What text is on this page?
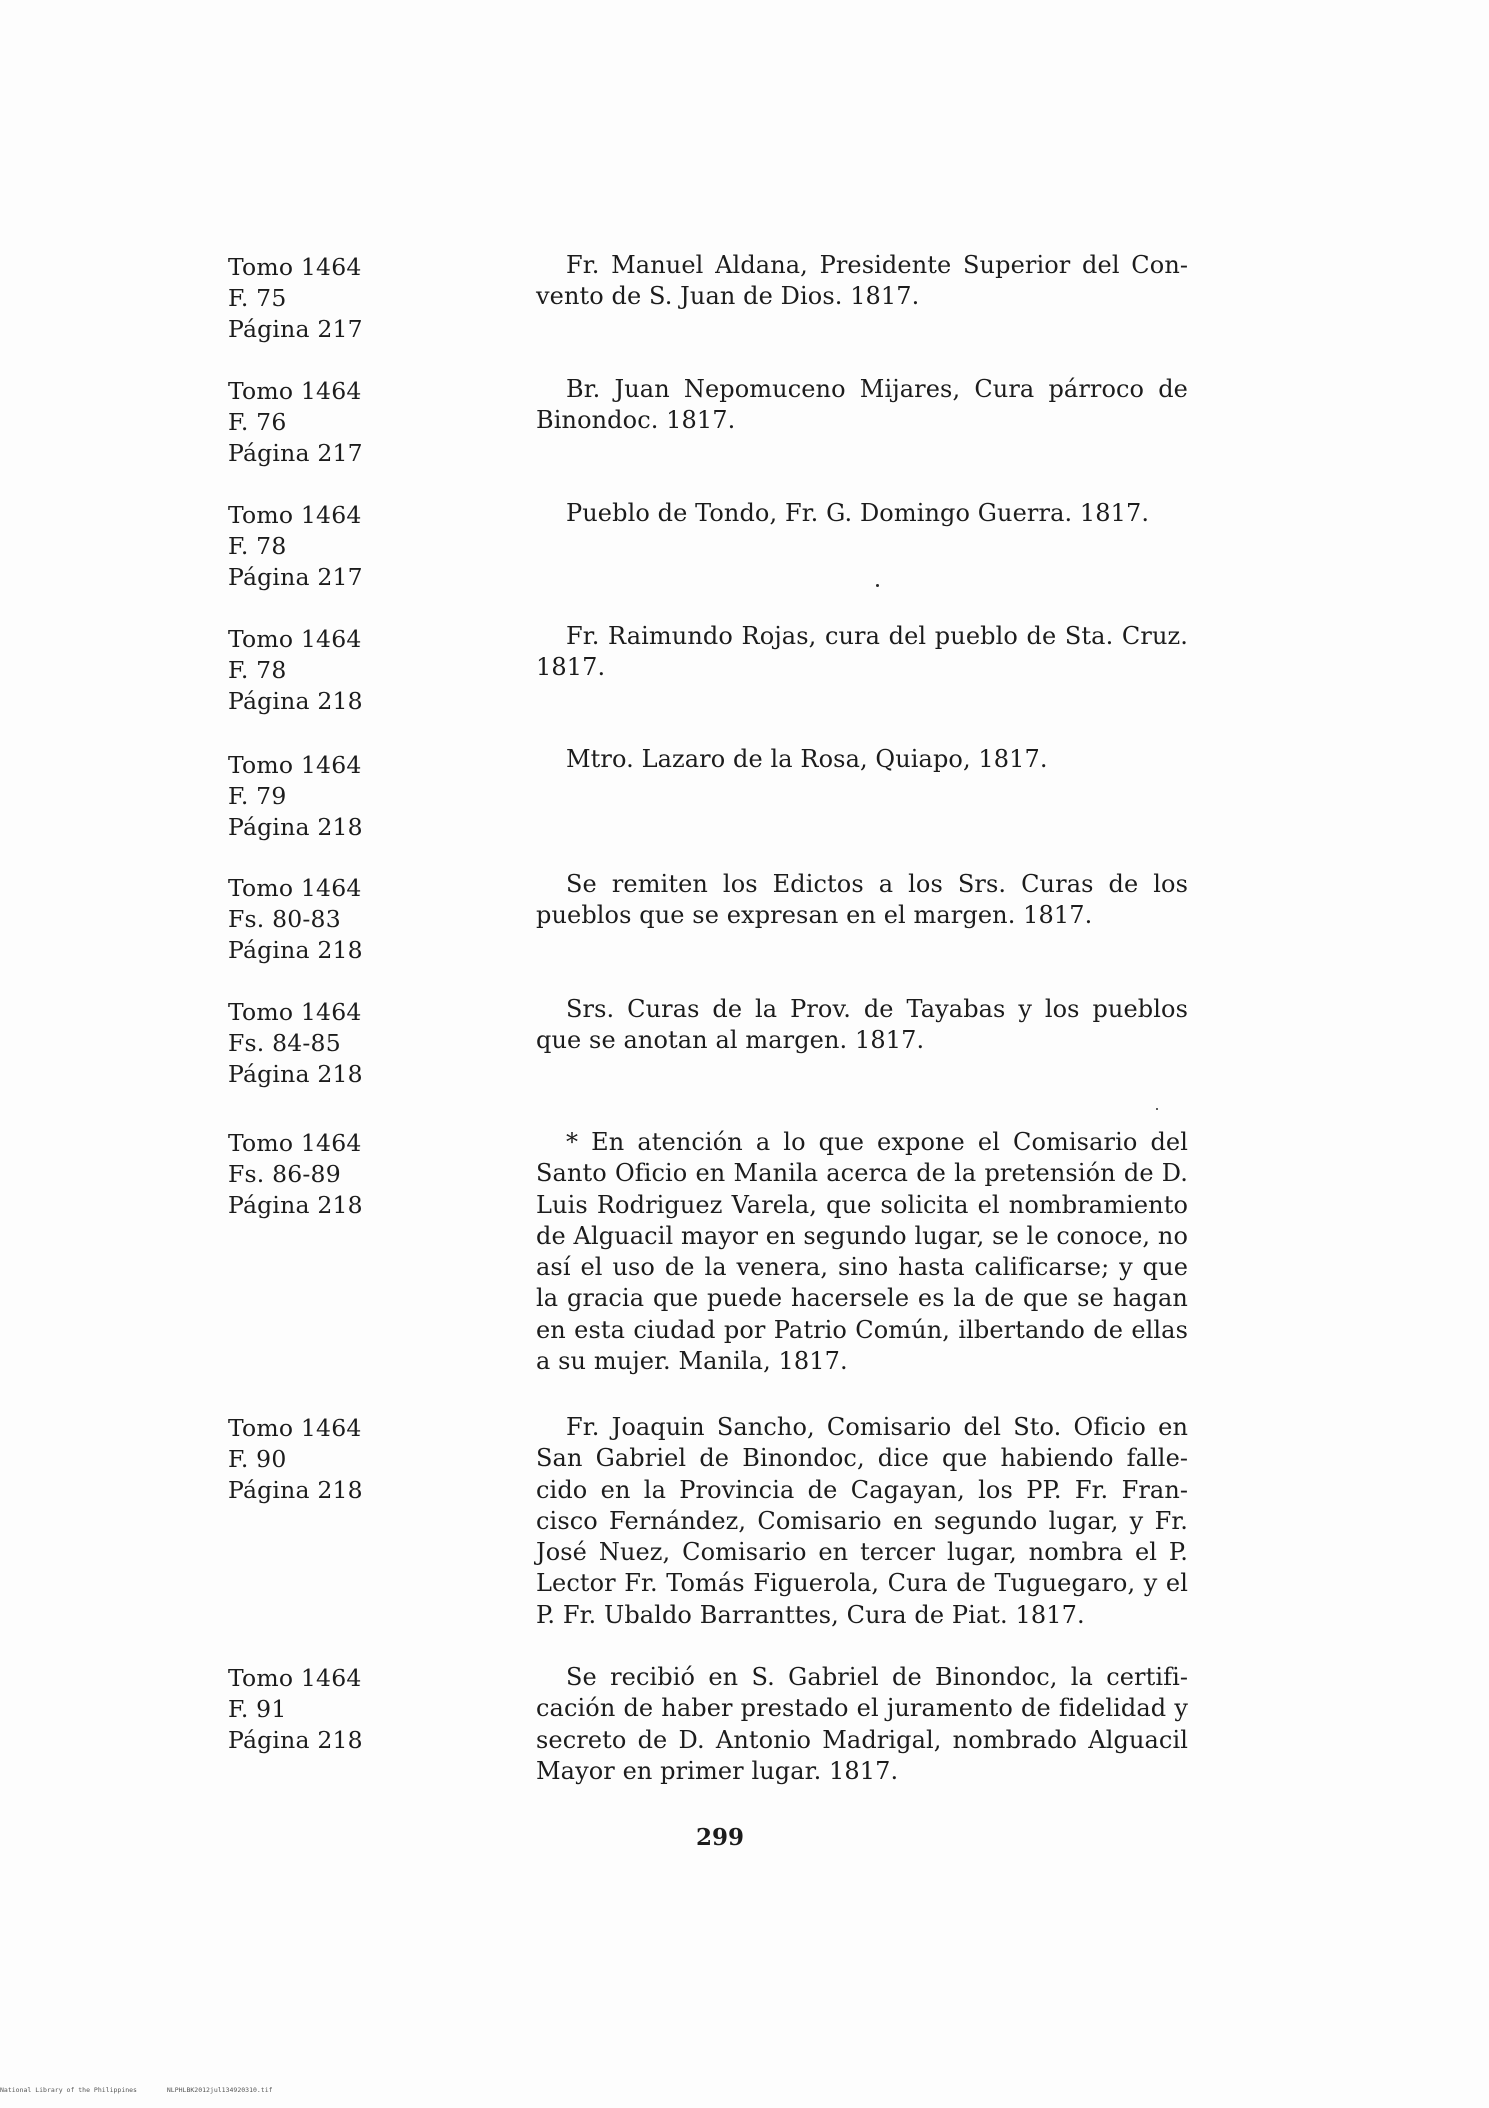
Tomo 1464
F. 75
Página 217

Fr. Manuel Aldana, Presidente Superior del Convento de S. Juan de Dios. 1817.

Tomo 1464
F. 76
Página 217

Br. Juan Nepomuceno Mijares, Cura párroco de Binondoc. 1817.

Tomo 1464
F. 78
Página 217

Pueblo de Tondo, Fr. G. Domingo Guerra. 1817.

Tomo 1464
F. 78
Página 218

Fr. Raimundo Rojas, cura del pueblo de Sta. Cruz. 1817.

Tomo 1464
F. 79
Página 218

Mtro. Lazaro de la Rosa, Quiapo, 1817.

Tomo 1464
Fs. 80-83
Página 218

Se remiten los Edictos a los Srs. Curas de los pueblos que se expresan en el margen. 1817.

Tomo 1464
Fs. 84-85
Página 218

Srs. Curas de la Prov. de Tayabas y los pueblos que se anotan al margen. 1817.

Tomo 1464
Fs. 86-89
Página 218

* En atención a lo que expone el Comisario del Santo Oficio en Manila acerca de la pretensión de D. Luis Rodriguez Varela, que solicita el nombramiento de Alguacil mayor en segundo lugar, se le conoce, no así el uso de la venera, sino hasta calificarse; y que la gracia que puede hacersele es la de que se hagan en esta ciudad por Patrio Común, ilbertando de ellas a su mujer. Manila, 1817.

Tomo 1464
F. 90
Página 218

Fr. Joaquin Sancho, Comisario del Sto. Oficio en San Gabriel de Binondoc, dice que habiendo fallecido en la Provincia de Cagayan, los PP. Fr. Francisco Fernández, Comisario en segundo lugar, y Fr. José Nuez, Comisario en tercer lugar, nombra el P. Lector Fr. Tomás Figuerola, Cura de Tuguegaro, y el P. Fr. Ubaldo Barranttes, Cura de Piat. 1817.

Tomo 1464
F. 91
Página 218

Se recibió en S. Gabriel de Binondoc, la certificación de haber prestado el juramento de fidelidad y secreto de D. Antonio Madrigal, nombrado Alguacil Mayor en primer lugar. 1817.

299
National Library of the Philippines	NLPHLBK2012jul134920310.tif
